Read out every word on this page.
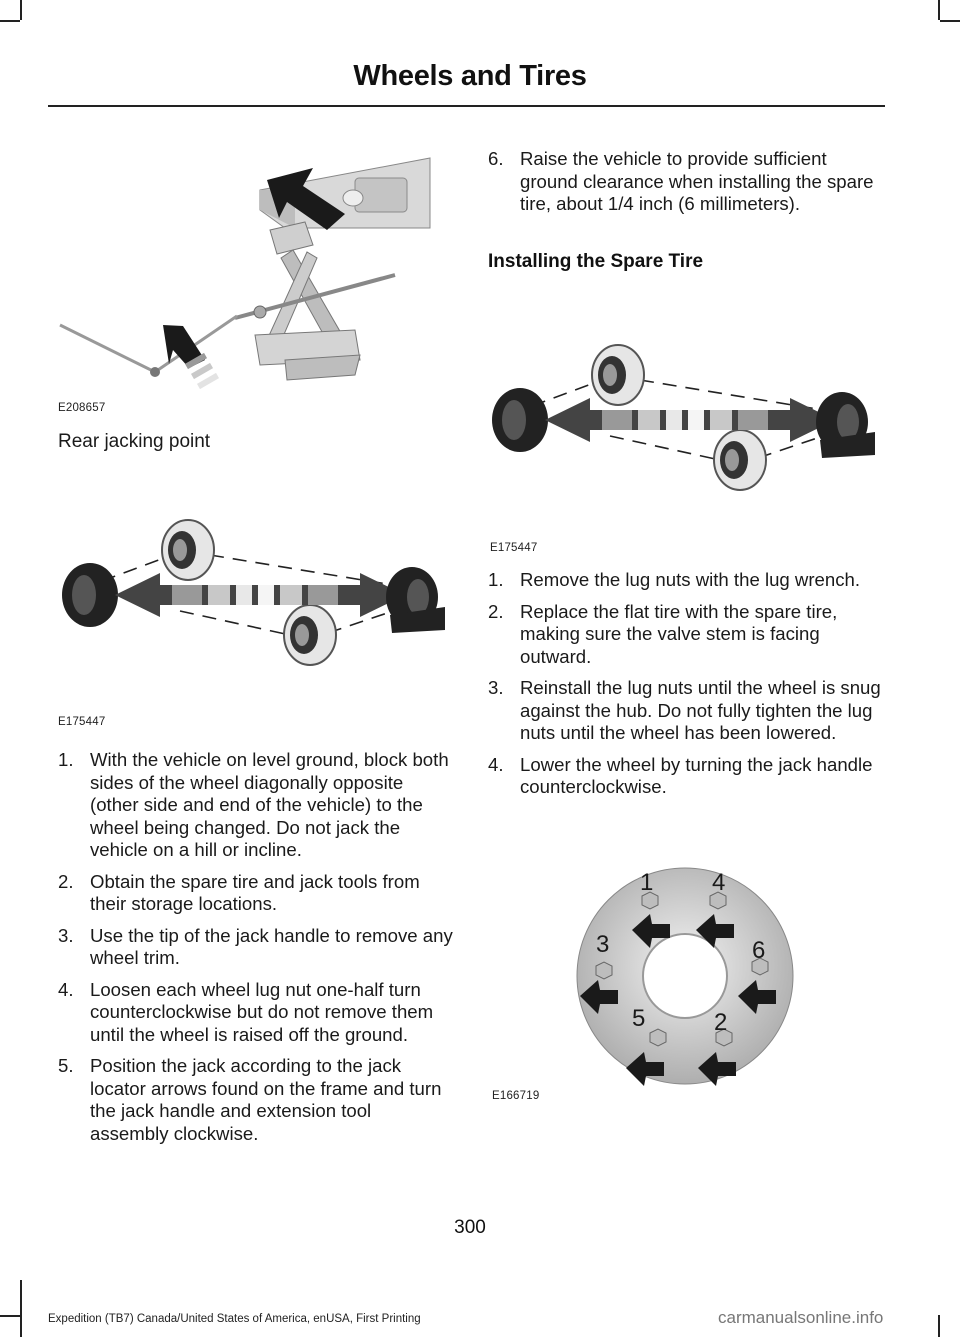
Wheels and Tires
E208657
Rear jacking point
E175447
1. With the vehicle on level ground, block both sides of the wheel diagonally opposite (other side and end of the vehicle) to the wheel being changed. Do not jack the vehicle on a hill or incline.
2. Obtain the spare tire and jack tools from their storage locations.
3. Use the tip of the jack handle to remove any wheel trim.
4. Loosen each wheel lug nut one-half turn counterclockwise but do not remove them until the wheel is raised off the ground.
5. Position the jack according to the jack locator arrows found on the frame and turn the jack handle and extension tool assembly clockwise.
6. Raise the vehicle to provide sufficient ground clearance when installing the spare tire, about 1/4 inch (6 millimeters).
Installing the Spare Tire
E175447
1. Remove the lug nuts with the lug wrench.
2. Replace the flat tire with the spare tire, making sure the valve stem is facing outward.
3. Reinstall the lug nuts until the wheel is snug against the hub. Do not fully tighten the lug nuts until the wheel has been lowered.
4. Lower the wheel by turning the jack handle counterclockwise.
1 4
3	6
5	2
E166719
300
Expedition (TB7) Canada/United States of America, enUSA, First Printing	carmanualsonline.info
